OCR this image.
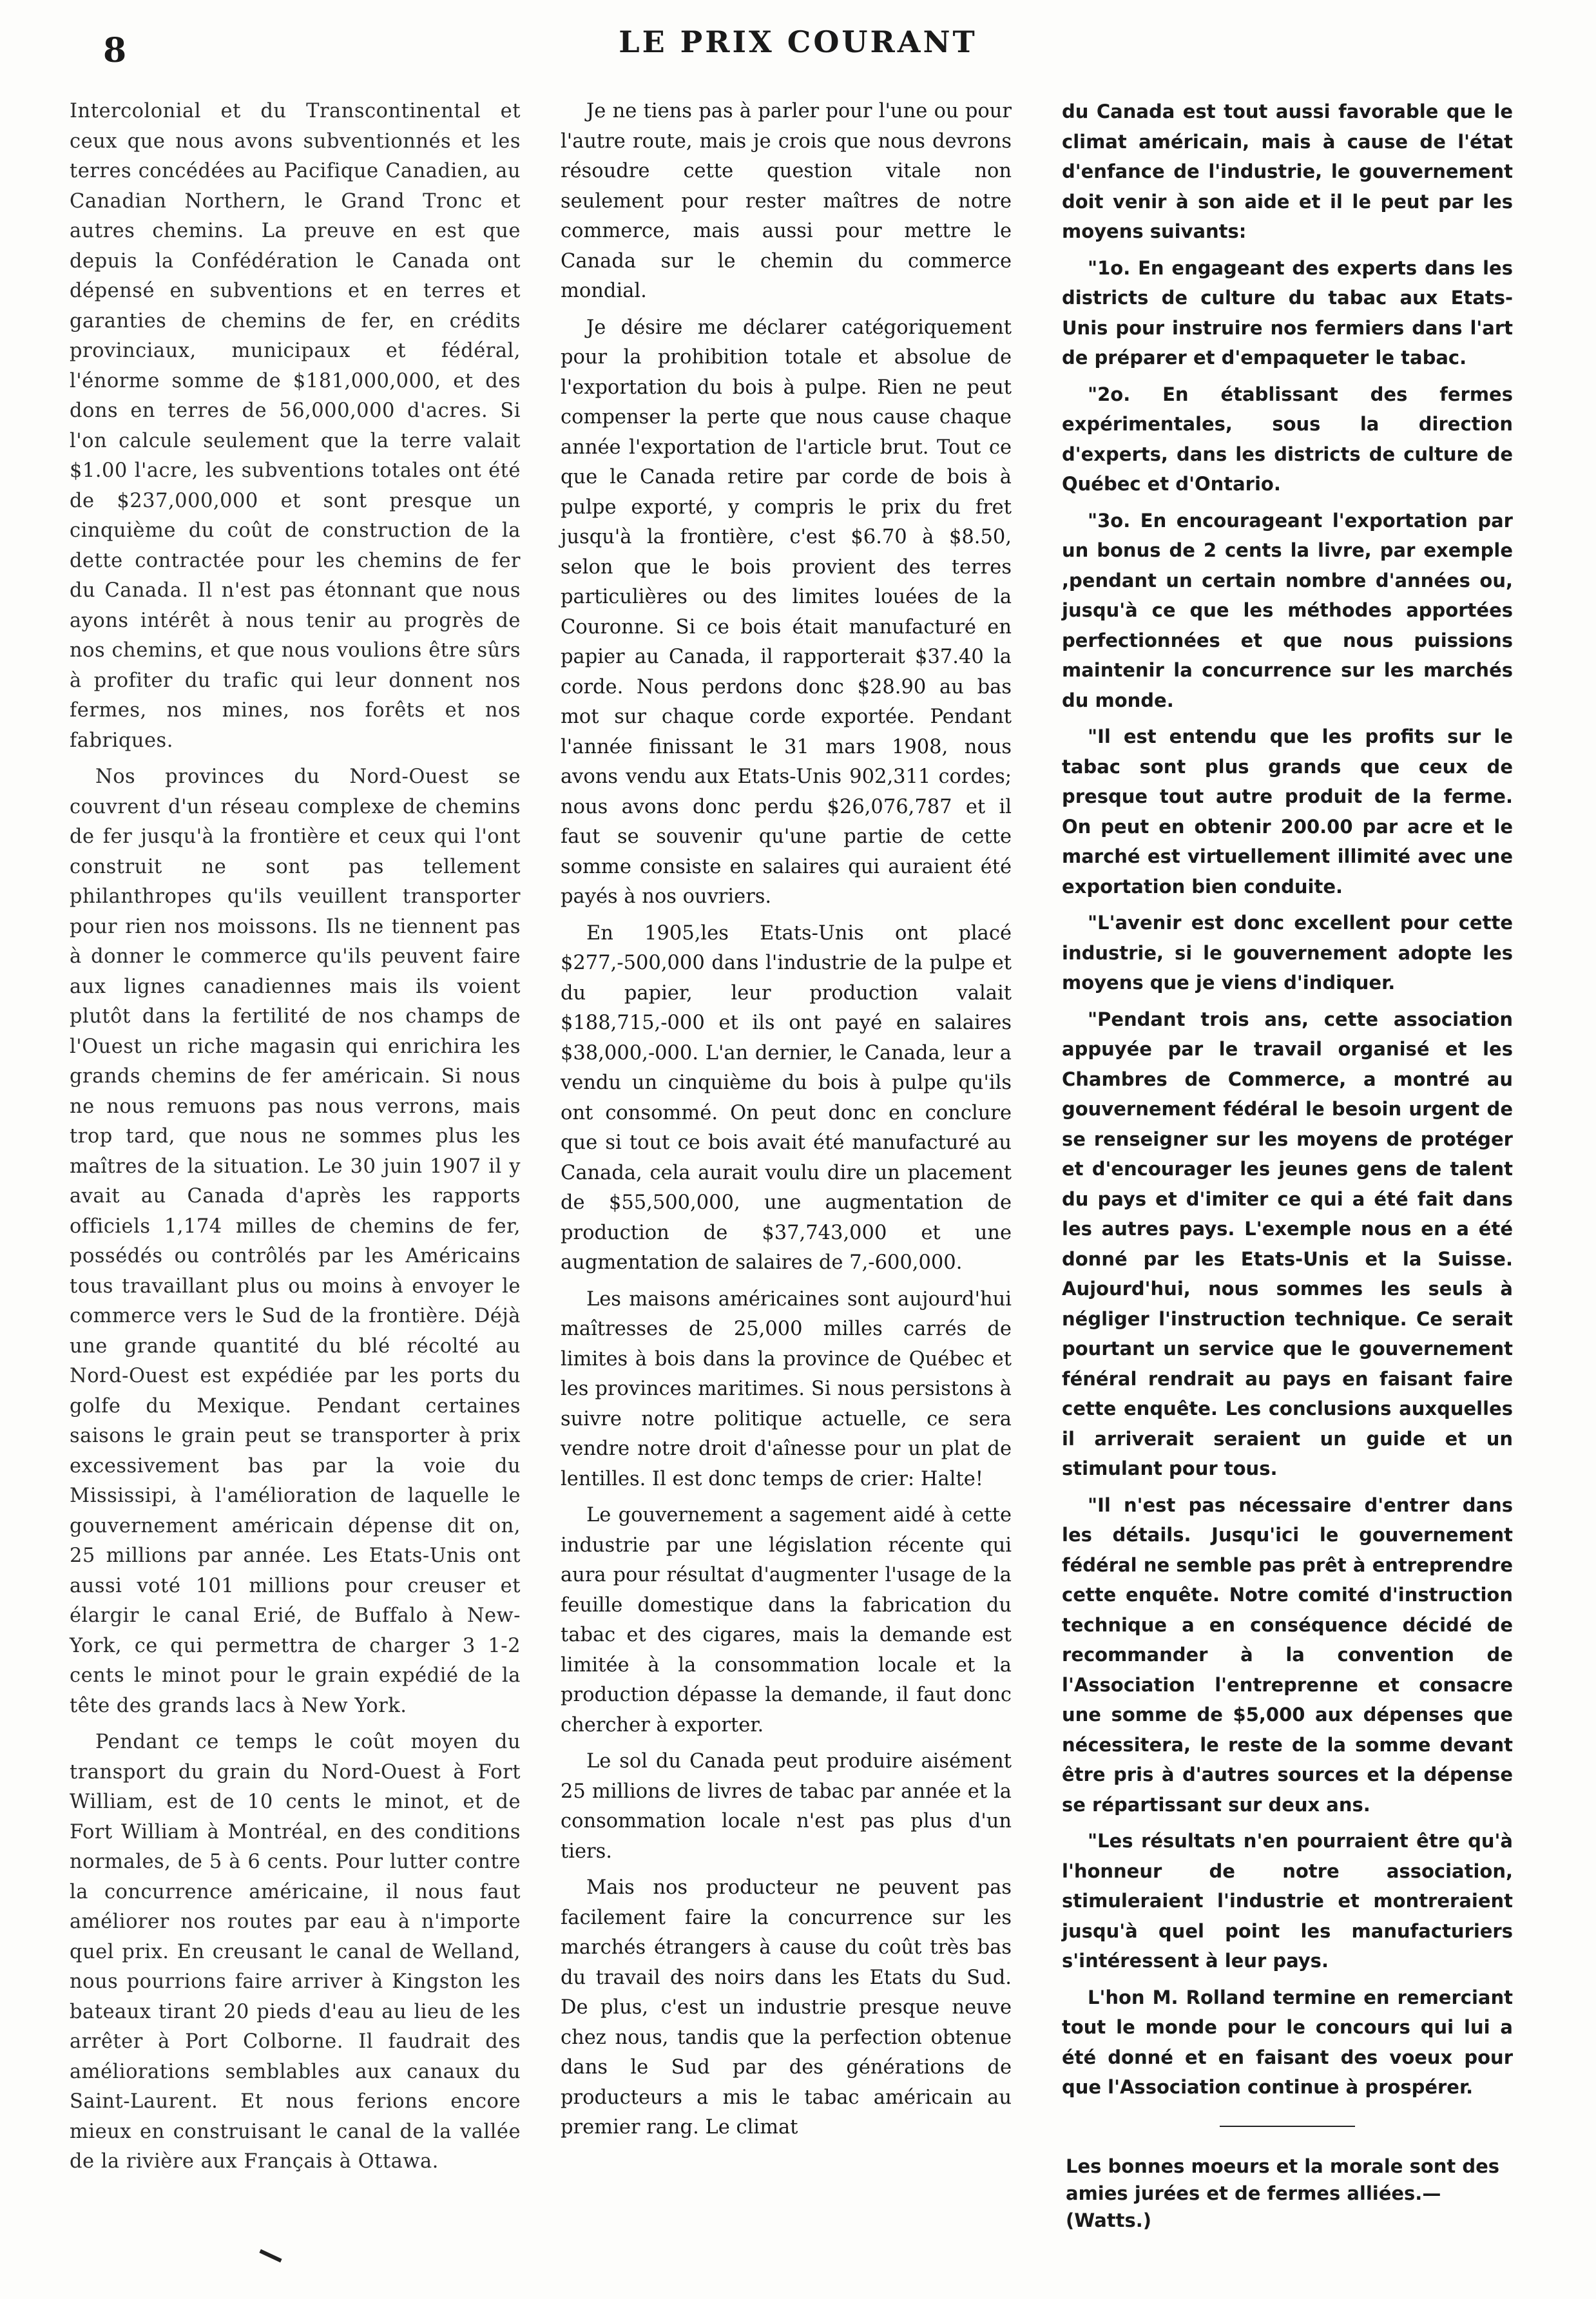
8	LE PRIX COURANT

Intercolonial et du Transcontinental et ceux que nous avons subventionnés et les terres concédées au Pacifique Canadien, au Canadian Northern, le Grand Tronc et autres chemins. La preuve en est que depuis la Confédération le Canada ont dépensé en subventions et en terres et garanties de chemins de fer, en crédits provinciaux, municipaux et fédéral, l'énorme somme de $181,000,000, et des dons en terres de 56,000,000 d'acres. Si l'on calcule seulement que la terre valait $1.00 l'acre, les subventions totales ont été de $237,000,000 et sont presque un cinquième du coût de construction de la dette contractée pour les chemins de fer du Canada. Il n'est pas étonnant que nous ayons intérêt à nous tenir au progrès de nos chemins, et que nous voulions être sûrs à profiter du trafic qui leur donnent nos fermes, nos mines, nos forêts et nos fabriques.

Nos provinces du Nord-Ouest se couvrent d'un réseau complexe de chemins de fer jusqu'à la frontière et ceux qui l'ont construit ne sont pas tellement philanthropes qu'ils veuillent transporter pour rien nos moissons. Ils ne tiennent pas à donner le commerce qu'ils peuvent faire aux lignes canadiennes mais ils voient plutôt dans la fertilité de nos champs de l'Ouest un riche magasin qui enrichira les grands chemins de fer américain. Si nous ne nous remuons pas nous verrons, mais trop tard, que nous ne sommes plus les maîtres de la situation. Le 30 juin 1907 il y avait au Canada d'après les rapports officiels 1,174 milles de chemins de fer, possédés ou contrôlés par les Américains tous travaillant plus ou moins à envoyer le commerce vers le Sud de la frontière. Déjà une grande quantité du blé récolté au Nord-Ouest est expédiée par les ports du golfe du Mexique. Pendant certaines saisons le grain peut se transporter à prix excessivement bas par la voie du Mississipi, à l'amélioration de laquelle le gouvernement américain dépense dit on, 25 millions par année. Les Etats-Unis ont aussi voté 101 millions pour creuser et élargir le canal Erié, de Buffalo à New-York, ce qui permettra de charger 3 1-2 cents le minot pour le grain expédié de la tête des grands lacs à New York.

Pendant ce temps le coût moyen du transport du grain du Nord-Ouest à Fort William, est de 10 cents le minot, et de Fort William à Montréal, en des conditions normales, de 5 à 6 cents. Pour lutter contre la concurrence américaine, il nous faut améliorer nos routes par eau à n'importe quel prix. En creusant le canal de Welland, nous pourrions faire arriver à Kingston les bateaux tirant 20 pieds d'eau au lieu de les arrêter à Port Colborne. Il faudrait des améliorations semblables aux canaux du Saint-Laurent. Et nous ferions encore mieux en construisant le canal de la vallée de la rivière aux Français à Ottawa.

Je ne tiens pas à parler pour l'une ou pour l'autre route, mais je crois que nous devrons résoudre cette question vitale non seulement pour rester maîtres de notre commerce, mais aussi pour mettre le Canada sur le chemin du commerce mondial.

Je désire me déclarer catégoriquement pour la prohibition totale et absolue de l'exportation du bois à pulpe. Rien ne peut compenser la perte que nous cause chaque année l'exportation de l'article brut. Tout ce que le Canada retire par corde de bois à pulpe exporté, y compris le prix du fret jusqu'à la frontière, c'est $6.70 à $8.50, selon que le bois provient des terres particulières ou des limites louées de la Couronne. Si ce bois était manufacturé en papier au Canada, il rapporterait $37.40 la corde. Nous perdons donc $28.90 au bas mot sur chaque corde exportée. Pendant l'année finissant le 31 mars 1908, nous avons vendu aux Etats-Unis 902,311 cordes; nous avons donc perdu $26,076,787 et il faut se souvenir qu'une partie de cette somme consiste en salaires qui auraient été payés à nos ouvriers.

En 1905,les Etats-Unis ont placé $277,-500,000 dans l'industrie de la pulpe et du papier, leur production valait $188,715,-000 et ils ont payé en salaires $38,000,-000. L'an dernier, le Canada, leur a vendu un cinquième du bois à pulpe qu'ils ont consommé. On peut donc en conclure que si tout ce bois avait été manufacturé au Canada, cela aurait voulu dire un placement de $55,500,000, une augmentation de production de $37,743,000 et une augmentation de salaires de 7,-600,000.

Les maisons américaines sont aujourd'hui maîtresses de 25,000 milles carrés de limites à bois dans la province de Québec et les provinces maritimes. Si nous persistons à suivre notre politique actuelle, ce sera vendre notre droit d'aînesse pour un plat de lentilles. Il est donc temps de crier: Halte!

Le gouvernement a sagement aidé à cette industrie par une législation récente qui aura pour résultat d'augmenter l'usage de la feuille domestique dans la fabrication du tabac et des cigares, mais la demande est limitée à la consommation locale et la production dépasse la demande, il faut donc chercher à exporter.

Le sol du Canada peut produire aisément 25 millions de livres de tabac par année et la consommation locale n'est pas plus d'un tiers.

Mais nos producteur ne peuvent pas facilement faire la concurrence sur les marchés étrangers à cause du coût très bas du travail des noirs dans les Etats du Sud. De plus, c'est un industrie presque neuve chez nous, tandis que la perfection obtenue dans le Sud par des générations de producteurs a mis le tabac américain au premier rang. Le climat

du Canada est tout aussi favorable que le climat américain, mais à cause de l'état d'enfance de l'industrie, le gouvernement doit venir à son aide et il le peut par les moyens suivants:

"1o. En engageant des experts dans les districts de culture du tabac aux Etats-Unis pour instruire nos fermiers dans l'art de préparer et d'empaqueter le tabac.

"2o. En établissant des fermes expérimentales, sous la direction d'experts, dans les districts de culture de Québec et d'Ontario.

"3o. En encourageant l'exportation par un bonus de 2 cents la livre, par exemple ,pendant un certain nombre d'années ou, jusqu'à ce que les méthodes apportées perfectionnées et que nous puissions maintenir la concurrence sur les marchés du monde.

"Il est entendu que les profits sur le tabac sont plus grands que ceux de presque tout autre produit de la ferme. On peut en obtenir 200.00 par acre et le marché est virtuellement illimité avec une exportation bien conduite.

"L'avenir est donc excellent pour cette industrie, si le gouvernement adopte les moyens que je viens d'indiquer.

"Pendant trois ans, cette association appuyée par le travail organisé et les Chambres de Commerce, a montré au gouvernement fédéral le besoin urgent de se renseigner sur les moyens de protéger et d'encourager les jeunes gens de talent du pays et d'imiter ce qui a été fait dans les autres pays. L'exemple nous en a été donné par les Etats-Unis et la Suisse. Aujourd'hui, nous sommes les seuls à négliger l'instruction technique. Ce serait pourtant un service que le gouvernement fénéral rendrait au pays en faisant faire cette enquête. Les conclusions auxquelles il arriverait seraient un guide et un stimulant pour tous.

"Il n'est pas nécessaire d'entrer dans les détails. Jusqu'ici le gouvernement fédéral ne semble pas prêt à entreprendre cette enquête. Notre comité d'instruction technique a en conséquence décidé de recommander à la convention de l'Association l'entreprenne et consacre une somme de $5,000 aux dépenses que nécessitera, le reste de la somme devant être pris à d'autres sources et la dépense se répartissant sur deux ans.

"Les résultats n'en pourraient être qu'à l'honneur de notre association, stimuleraient l'industrie et montreraient jusqu'à quel point les manufacturiers s'intéressent à leur pays.

L'hon M. Rolland termine en remerciant tout le monde pour le concours qui lui a été donné et en faisant des voeux pour que l'Association continue à prospérer.

Les bonnes moeurs et la morale sont des amies jurées et de fermes alliées.— (Watts.)
